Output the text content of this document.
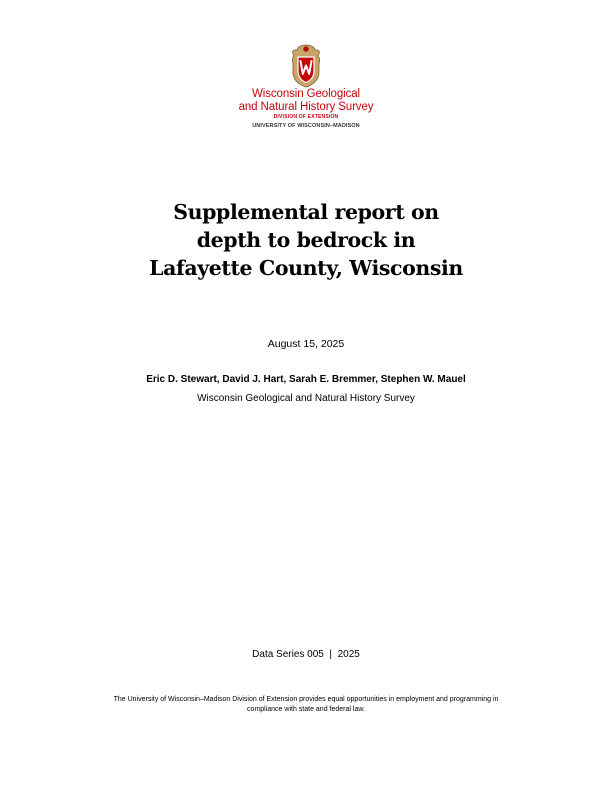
Wisconsin Geological
and Natural History Survey
DIVISION OF EXTENSION
UNIVERSITY OF WISCONSIN–MADISON
Supplemental report on
depth to bedrock in
Lafayette County, Wisconsin
August 15, 2025
Eric D. Stewart, David J. Hart, Sarah E. Bremmer, Stephen W. Mauel
Wisconsin Geological and Natural History Survey
Data Series 005  |  2025
The University of Wisconsin–Madison Division of Extension provides equal opportunities in employment and programming in
compliance with state and federal law.
